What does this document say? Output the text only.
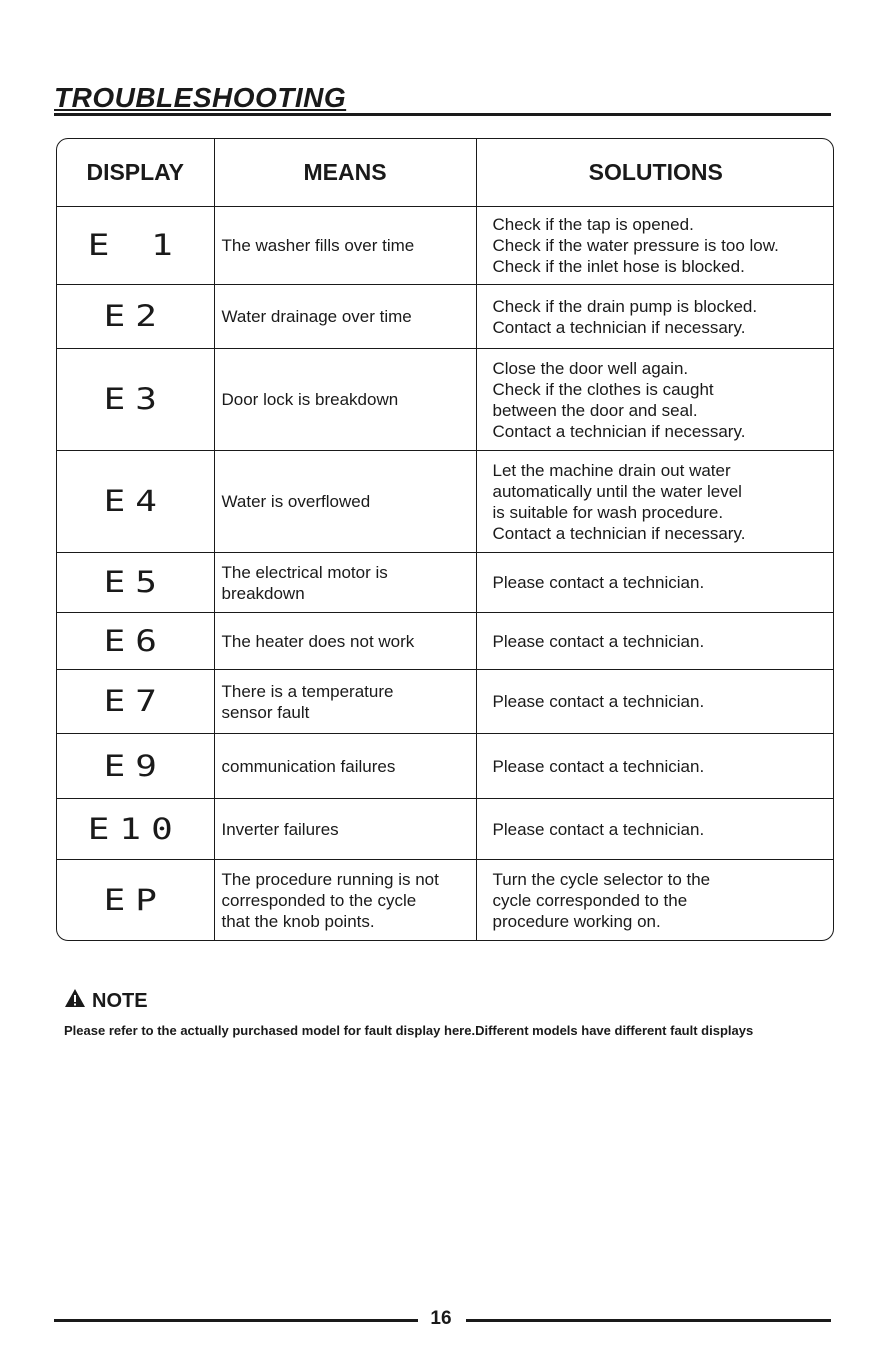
TROUBLESHOOTING
DISPLAY	MEANS	SOLUTIONS
E 1	The washer fills over time	Check if the tap is opened.
Check if the water pressure is too low.
Check if the inlet hose is blocked.
E2	Water drainage over time	Check if the drain pump is blocked.
Contact a technician if necessary.
E3	Door lock is breakdown	Close the door well again.
Check if the clothes is caught
between the door and seal.
Contact a technician if necessary.
E4	Water is overflowed	Let the machine drain out water
automatically until the water level
is suitable for wash procedure.
Contact a technician if necessary.
E5	The electrical motor is
breakdown	Please contact a technician.
E6	The heater does not work	Please contact a technician.
E7	There is a temperature
sensor fault	Please contact a technician.
E9	communication failures	Please contact a technician.
E10	Inverter failures	Please contact a technician.
EP	The procedure running is not
corresponded to the cycle
that the knob points.	Turn the cycle selector to the
cycle corresponded to the
procedure working on.
NOTE
Please refer to the actually purchased model for fault display here.Different models have different fault displays
16
